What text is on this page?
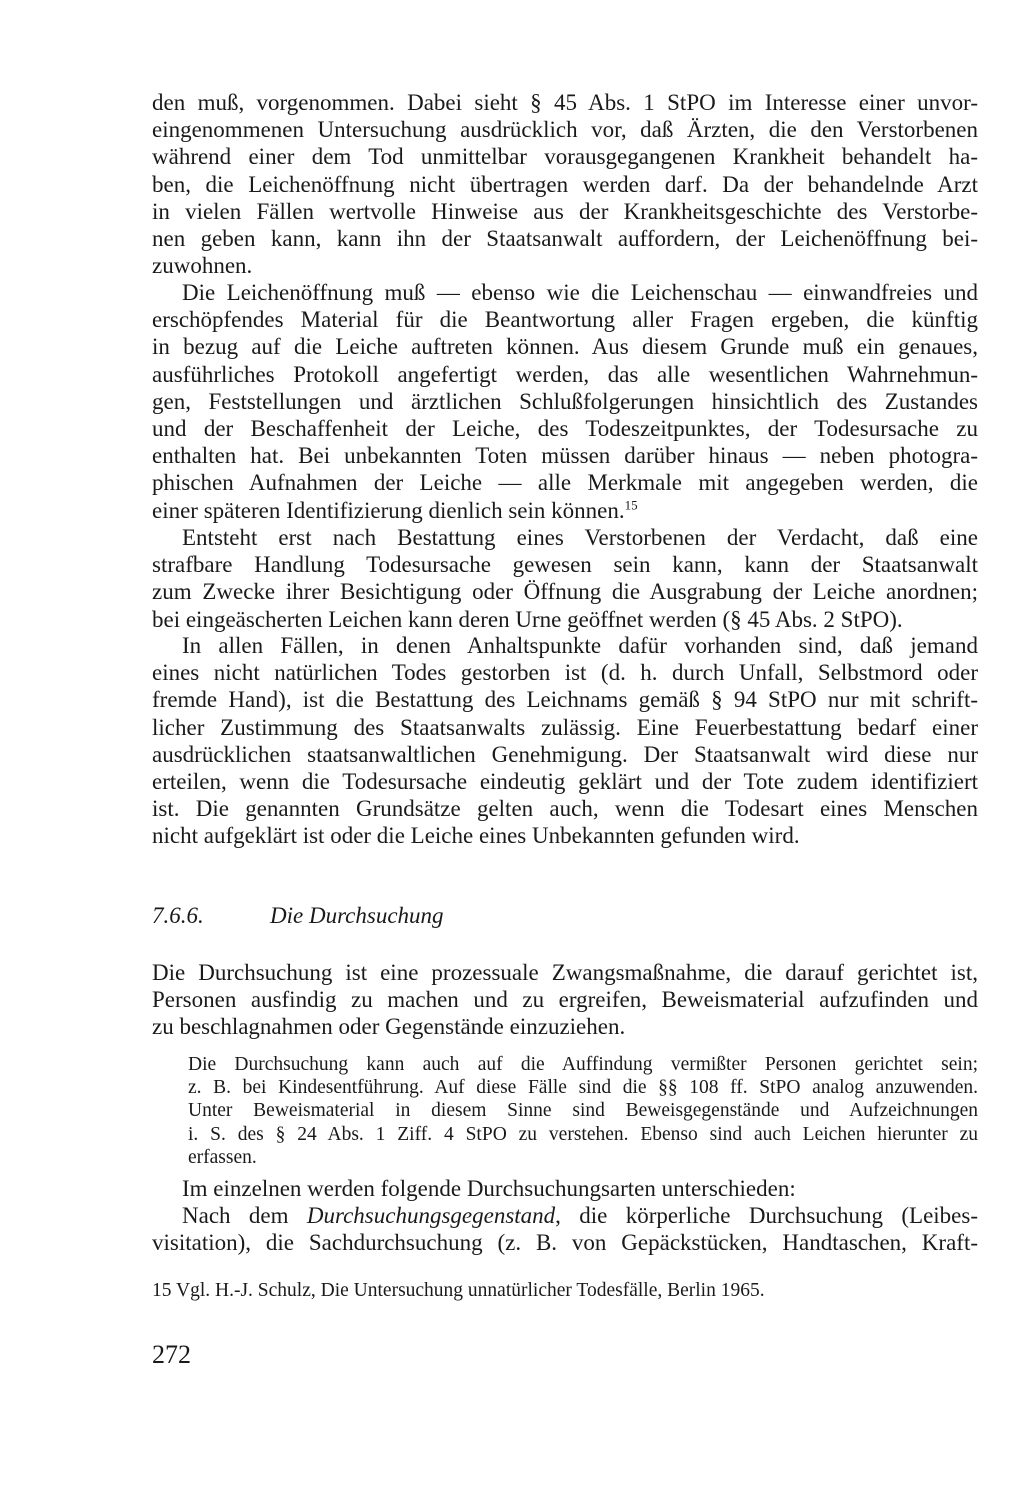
den muß, vorgenommen. Dabei sieht § 45 Abs. 1 StPO im Interesse einer unvor-
eingenommenen Untersuchung ausdrücklich vor, daß Ärzten, die den Verstorbenen
während einer dem Tod unmittelbar vorausgegangenen Krankheit behandelt ha-
ben, die Leichenöffnung nicht übertragen werden darf. Da der behandelnde Arzt
in vielen Fällen wertvolle Hinweise aus der Krankheitsgeschichte des Verstorbe-
nen geben kann, kann ihn der Staatsanwalt auffordern, der Leichenöffnung bei-
zuwohnen.
Die Leichenöffnung muß — ebenso wie die Leichenschau — einwandfreies und
erschöpfendes Material für die Beantwortung aller Fragen ergeben, die künftig
in bezug auf die Leiche auftreten können. Aus diesem Grunde muß ein genaues,
ausführliches Protokoll angefertigt werden, das alle wesentlichen Wahrnehmun-
gen, Feststellungen und ärztlichen Schlußfolgerungen hinsichtlich des Zustandes
und der Beschaffenheit der Leiche, des Todeszeitpunktes, der Todesursache zu
enthalten hat. Bei unbekannten Toten müssen darüber hinaus — neben photogra-
phischen Aufnahmen der Leiche — alle Merkmale mit angegeben werden, die
einer späteren Identifizierung dienlich sein können.$^{15}$
Entsteht erst nach Bestattung eines Verstorbenen der Verdacht, daß eine
strafbare Handlung Todesursache gewesen sein kann, kann der Staatsanwalt
zum Zwecke ihrer Besichtigung oder Öffnung die Ausgrabung der Leiche anordnen;
bei eingeäscherten Leichen kann deren Urne geöffnet werden (§ 45 Abs. 2 StPO).
In allen Fällen, in denen Anhaltspunkte dafür vorhanden sind, daß jemand
eines nicht natürlichen Todes gestorben ist (d. h. durch Unfall, Selbstmord oder
fremde Hand), ist die Bestattung des Leichnams gemäß § 94 StPO nur mit schrift-
licher Zustimmung des Staatsanwalts zulässig. Eine Feuerbestattung bedarf einer
ausdrücklichen staatsanwaltlichen Genehmigung. Der Staatsanwalt wird diese nur
erteilen, wenn die Todesursache eindeutig geklärt und der Tote zudem identifiziert
ist. Die genannten Grundsätze gelten auch, wenn die Todesart eines Menschen
nicht aufgeklärt ist oder die Leiche eines Unbekannten gefunden wird.
7.6.6.	Die Durchsuchung
Die Durchsuchung ist eine prozessuale Zwangsmaßnahme, die darauf gerichtet ist,
Personen ausfindig zu machen und zu ergreifen, Beweismaterial aufzufinden und
zu beschlagnahmen oder Gegenstände einzuziehen.
Die Durchsuchung kann auch auf die Auffindung vermißter Personen gerichtet sein;
z. B. bei Kindesentführung. Auf diese Fälle sind die §§ 108 ff. StPO analog anzuwenden.
Unter Beweismaterial in diesem Sinne sind Beweisgegenstände und Aufzeichnungen
i. S. des § 24 Abs. 1 Ziff. 4 StPO zu verstehen. Ebenso sind auch Leichen hierunter zu
erfassen.
Im einzelnen werden folgende Durchsuchungsarten unterschieden:
Nach dem Durchsuchungsgegenstand, die körperliche Durchsuchung (Leibes-
visitation), die Sachdurchsuchung (z. B. von Gepäckstücken, Handtaschen, Kraft-
15 Vgl. H.-J. Schulz, Die Untersuchung unnatürlicher Todesfälle, Berlin 1965.
272
